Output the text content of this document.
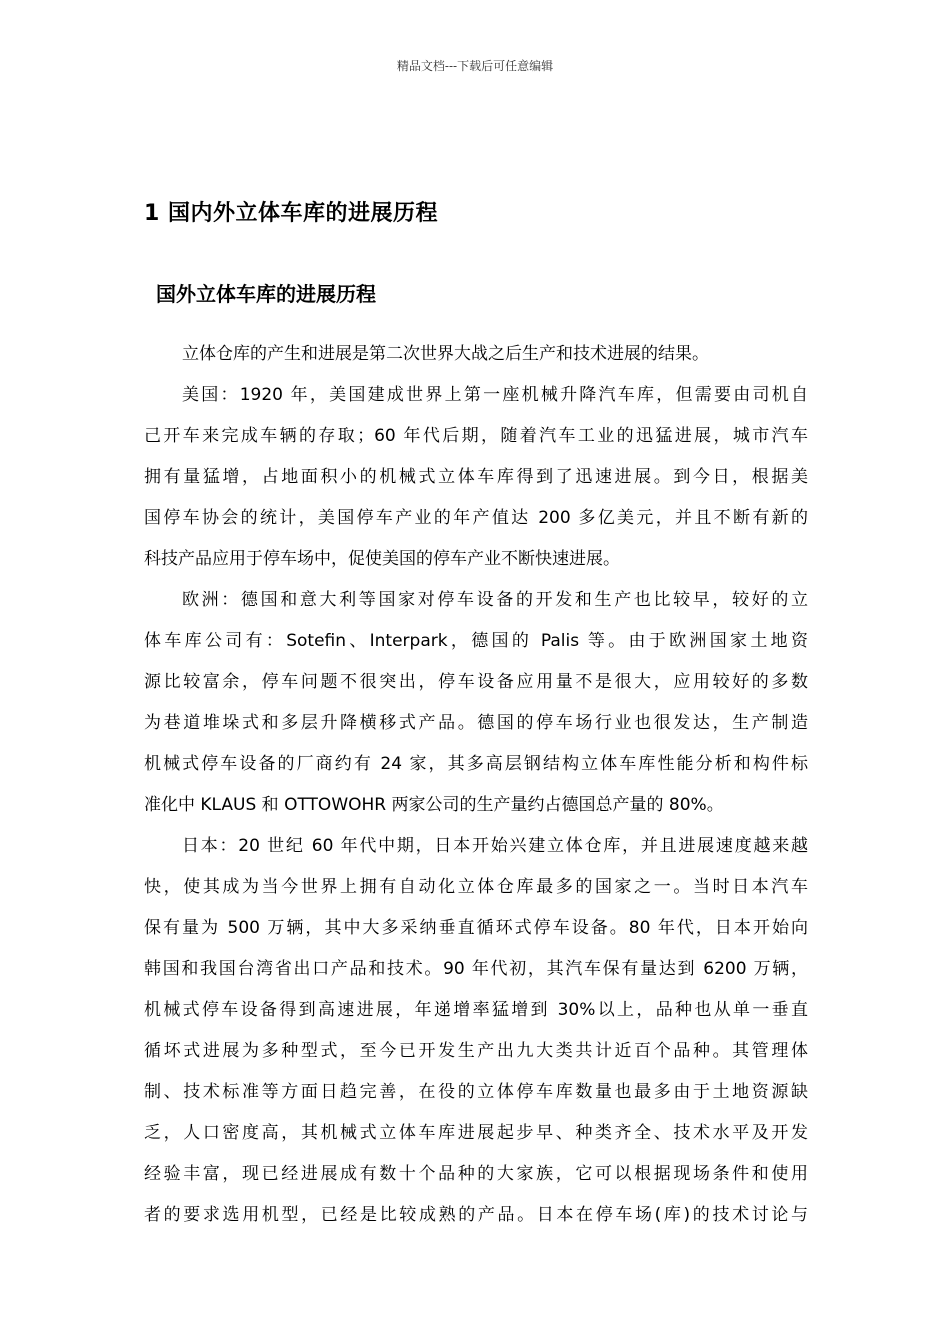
精品文档---下载后可任意编辑
1 国内外立体车库的进展历程
国外立体车库的进展历程
立体仓库的产生和进展是第二次世界大战之后生产和技术进展的结果。
美国：1920 年，美国建成世界上第一座机械升降汽车库，但需要由司机自
己开车来完成车辆的存取；60 年代后期，随着汽车工业的迅猛进展，城市汽车
拥有量猛增，占地面积小的机械式立体车库得到了迅速进展。到今日，根据美
国停车协会的统计，美国停车产业的年产值达 200 多亿美元，并且不断有新的
科技产品应用于停车场中，促使美国的停车产业不断快速进展。
欧洲：德国和意大利等国家对停车设备的开发和生产也比较早，较好的立
体车库公司有：Sotefin、Interpark，德国的 Palis 等。由于欧洲国家土地资
源比较富余，停车问题不很突出，停车设备应用量不是很大，应用较好的多数
为巷道堆垛式和多层升降横移式产品。德国的停车场行业也很发达，生产制造
机械式停车设备的厂商约有 24 家，其多高层钢结构立体车库性能分析和构件标
准化中 KLAUS 和 OTTOWOHR 两家公司的生产量约占德国总产量的 80%。
日本：20 世纪 60 年代中期，日本开始兴建立体仓库，并且进展速度越来越
快，使其成为当今世界上拥有自动化立体仓库最多的国家之一。当时日本汽车
保有量为 500 万辆，其中大多采纳垂直循环式停车设备。80 年代，日本开始向
韩国和我国台湾省出口产品和技术。90 年代初，其汽车保有量达到 6200 万辆，
机械式停车设备得到高速进展，年递增率猛增到 30%以上，品种也从单一垂直
循坏式进展为多种型式，至今已开发生产出九大类共计近百个品种。其管理体
制、技术标准等方面日趋完善，在役的立体停车库数量也最多由于土地资源缺
乏，人口密度高，其机械式立体车库进展起步早、种类齐全、技术水平及开发
经验丰富，现已经进展成有数十个品种的大家族，它可以根据现场条件和使用
者的要求选用机型，已经是比较成熟的产品。日本在停车场(库)的技术讨论与
